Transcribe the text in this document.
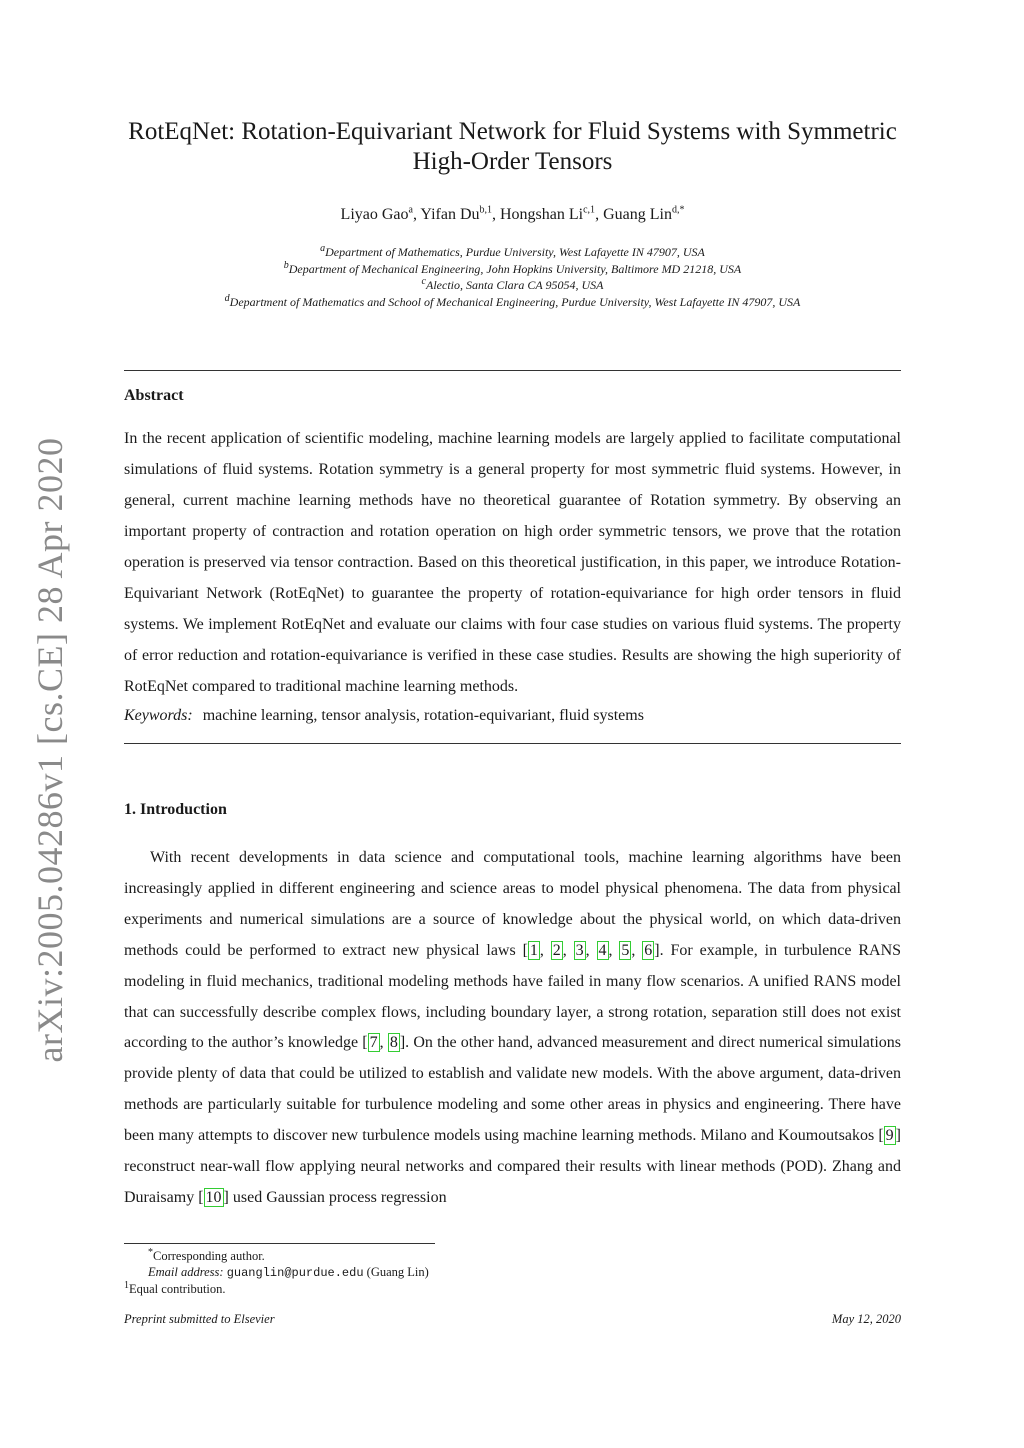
arXiv:2005.04286v1 [cs.CE] 28 Apr 2020
RotEqNet: Rotation-Equivariant Network for Fluid Systems with Symmetric
High-Order Tensors
Liyao Gao$^a$, Yifan Du$^{b,1}$, Hongshan Li$^{c,1}$, Guang Lin$^{d,*}$
$^a$Department of Mathematics, Purdue University, West Lafayette IN 47907, USA
$^b$Department of Mechanical Engineering, John Hopkins University, Baltimore MD 21218, USA
$^c$Alectio, Santa Clara CA 95054, USA
$^d$Department of Mathematics and School of Mechanical Engineering, Purdue University, West Lafayette IN 47907, USA
Abstract

In the recent application of scientific modeling, machine learning models are largely applied to facilitate computational simulations of fluid systems. Rotation symmetry is a general property for most symmetric fluid systems. However, in general, current machine learning methods have no theoretical guarantee of Rotation symmetry. By observing an important property of contraction and rotation operation on high order symmetric tensors, we prove that the rotation operation is preserved via tensor contraction. Based on this theoretical justification, in this paper, we introduce Rotation-Equivariant Network (RotEqNet) to guarantee the property of rotation-equivariance for high order tensors in fluid systems. We implement RotEqNet and evaluate our claims with four case studies on various fluid systems. The property of error reduction and rotation-equivariance is verified in these case studies. Results are showing the high superiority of RotEqNet compared to traditional machine learning methods.

Keywords: machine learning, tensor analysis, rotation-equivariant, fluid systems
1. Introduction

With recent developments in data science and computational tools, machine learning algorithms have been increasingly applied in different engineering and science areas to model physical phenomena. The data from physical experiments and numerical simulations are a source of knowledge about the physical world, on which data-driven methods could be performed to extract new physical laws [ 1 , 2 , 3 , 4 , 5 , 6 ]. For example, in turbulence RANS modeling in fluid mechanics, traditional modeling methods have failed in many flow scenarios. A unified RANS model that can successfully describe complex flows, including boundary layer, a strong rotation, separation still does not exist according to the author’s knowledge [ 7 , 8 ]. On the other hand, advanced measurement and direct numerical simulations provide plenty of data that could be utilized to establish and validate new models. With the above argument, data-driven methods are particularly suitable for turbulence modeling and some other areas in physics and engineering. There have been many attempts to discover new turbulence models using machine learning methods. Milano and Koumoutsakos [ 9 ] reconstruct near-wall flow applying neural networks and compared their results with linear methods (POD). Zhang and Duraisamy [ 10 ] used Gaussian process regression

*Corresponding author.

Email address: guanglin@purdue.edu (Guang Lin)

$^1$Equal contribution.

Preprint submitted to Elsevier	May 12, 2020
